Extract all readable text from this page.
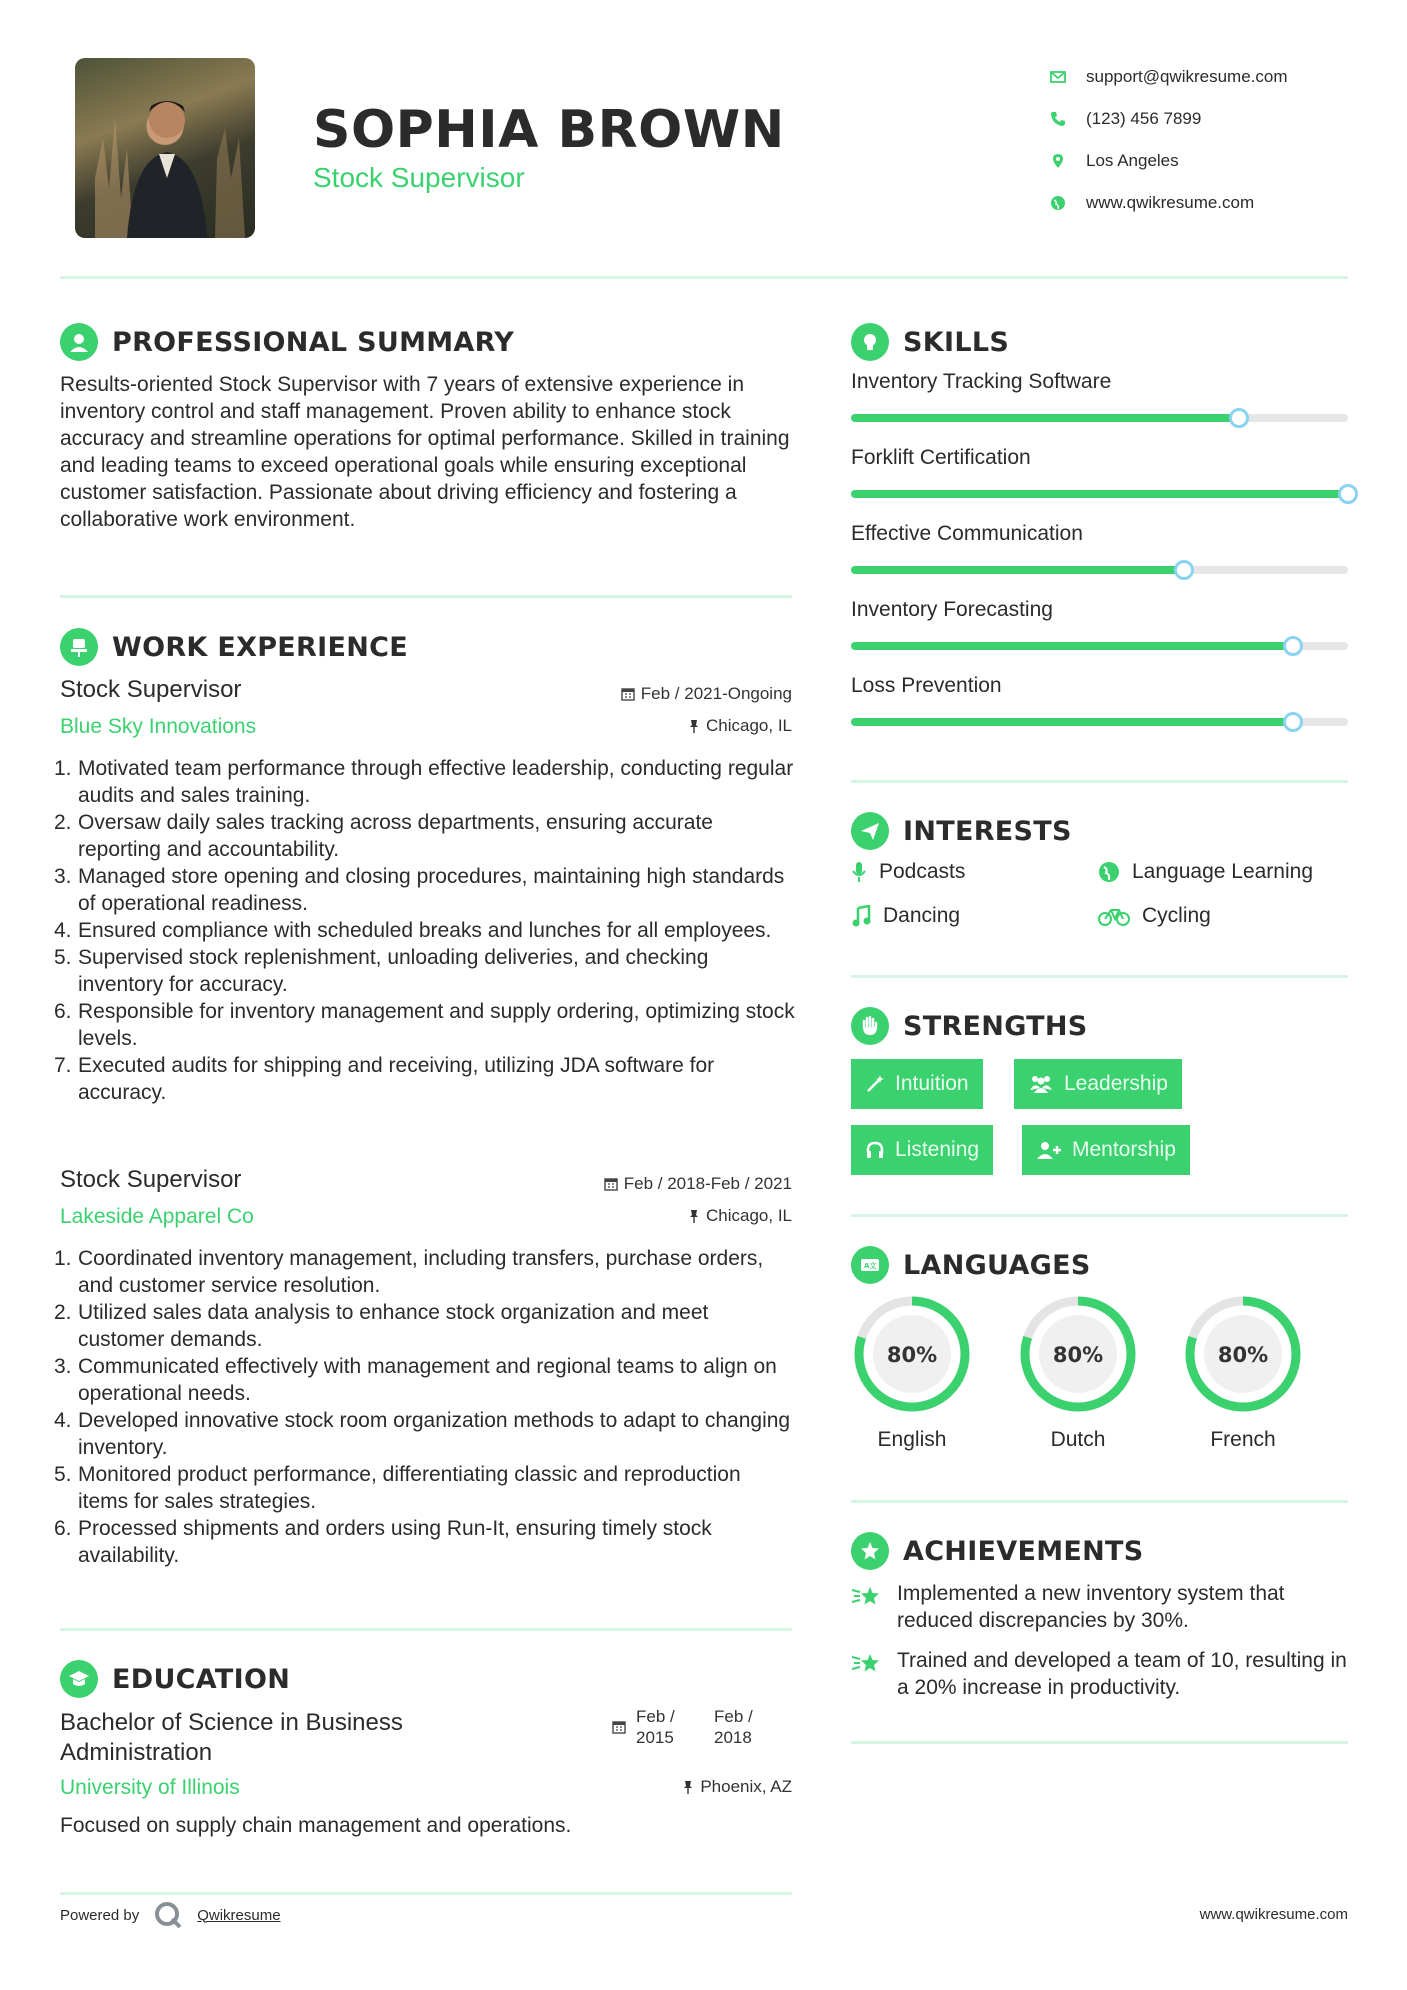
SOPHIA BROWN
Stock Supervisor
support@qwikresume.com
(123) 456 7899
Los Angeles
www.qwikresume.com
PROFESSIONAL SUMMARY
Results-oriented Stock Supervisor with 7 years of extensive experience in inventory control and staff management. Proven ability to enhance stock accuracy and streamline operations for optimal performance. Skilled in training and leading teams to exceed operational goals while ensuring exceptional customer satisfaction. Passionate about driving efficiency and fostering a collaborative work environment.
WORK EXPERIENCE
Stock Supervisor
Blue Sky Innovations
Feb / 2021-Ongoing
Chicago, IL
1. Motivated team performance through effective leadership, conducting regular audits and sales training.
2. Oversaw daily sales tracking across departments, ensuring accurate reporting and accountability.
3. Managed store opening and closing procedures, maintaining high standards of operational readiness.
4. Ensured compliance with scheduled breaks and lunches for all employees.
5. Supervised stock replenishment, unloading deliveries, and checking inventory for accuracy.
6. Responsible for inventory management and supply ordering, optimizing stock levels.
7. Executed audits for shipping and receiving, utilizing JDA software for accuracy.
Stock Supervisor
Lakeside Apparel Co
Feb / 2018-Feb / 2021
Chicago, IL
1. Coordinated inventory management, including transfers, purchase orders, and customer service resolution.
2. Utilized sales data analysis to enhance stock organization and meet customer demands.
3. Communicated effectively with management and regional teams to align on operational needs.
4. Developed innovative stock room organization methods to adapt to changing inventory.
5. Monitored product performance, differentiating classic and reproduction items for sales strategies.
6. Processed shipments and orders using Run-It, ensuring timely stock availability.
EDUCATION
Bachelor of Science in Business Administration
Feb / 2015
Feb / 2018
University of Illinois	Phoenix, AZ
Focused on supply chain management and operations.
SKILLS
Inventory Tracking Software
Forklift Certification
Effective Communication
Inventory Forecasting
Loss Prevention
INTERESTS
Podcasts	Language Learning
Dancing	Cycling
STRENGTHS
Intuition	Leadership
Listening	Mentorship
A文 LANGUAGES
80%
English
80%
Dutch
80%
French
ACHIEVEMENTS
Implemented a new inventory system that reduced discrepancies by 30%.
Trained and developed a team of 10, resulting in a 20% increase in productivity.
Powered by	Qwikresume	www.qwikresume.com
